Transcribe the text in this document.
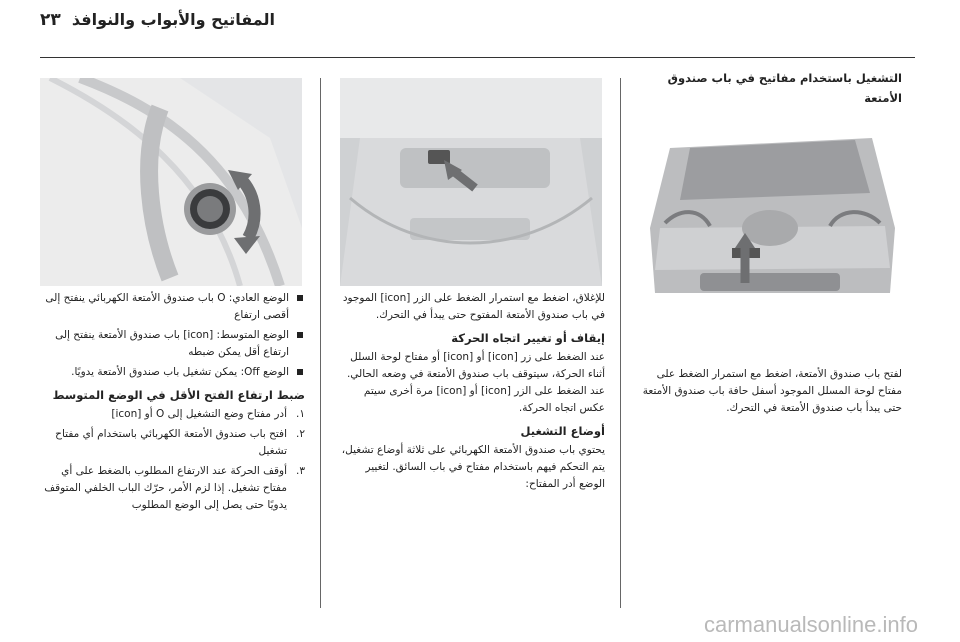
٢٣ المفاتيح والأبواب والنوافذ
التشغيل باستخدام مفاتيح في باب صندوق الأمتعة

لفتح باب صندوق الأمتعة، اضغط مع استمرار الضغط على مفتاح لوحة المسلل الموجود أسفل حافة باب صندوق الأمتعة حتى يبدأ باب صندوق الأمتعة في التحرك.

للإغلاق، اضغط مع استمرار الضغط على الزر [icon] الموجود في باب صندوق الأمتعة المفتوح حتى يبدأ في التحرك.

إيقاف أو تغيير اتجاه الحركة

عند الضغط على زر [icon] أو [icon] أو مفتاح لوحة السلل أثناء الحركة، سيتوقف باب صندوق الأمتعة في وضعه الحالي. عند الضغط على الزر [icon] أو [icon] مرة أخرى سيتم عكس اتجاه الحركة.

أوضاع التشغيل

يحتوي باب صندوق الأمتعة الكهربائي على ثلاثة أوضاع تشغيل، يتم التحكم فيهم باستخدام مفتاح في باب السائق. لتغيير الوضع أدر المفتاح:

الوضع العادي: O باب صندوق الأمتعة الكهربائي ينفتح إلى أقصى ارتفاع
الوضع المتوسط: [icon] باب صندوق الأمتعة ينفتح إلى ارتفاع أقل يمكن ضبطه
الوضع Off: يمكن تشغيل باب صندوق الأمتعة يدويًا.
ضبط ارتفاع الفتح الأقل في الوضع المتوسط
١.
أدر مفتاح وضع التشغيل إلى O أو [icon]
٢.
افتح باب صندوق الأمتعة الكهربائي باستخدام أي مفتاح تشغيل
٣.
أوقف الحركة عند الارتفاع المطلوب بالضغط على أي مفتاح تشغيل. إذا لزم الأمر، حرّك الباب الخلفي المتوقف يدويًا حتى يصل إلى الوضع المطلوب
carmanualsonline.info
